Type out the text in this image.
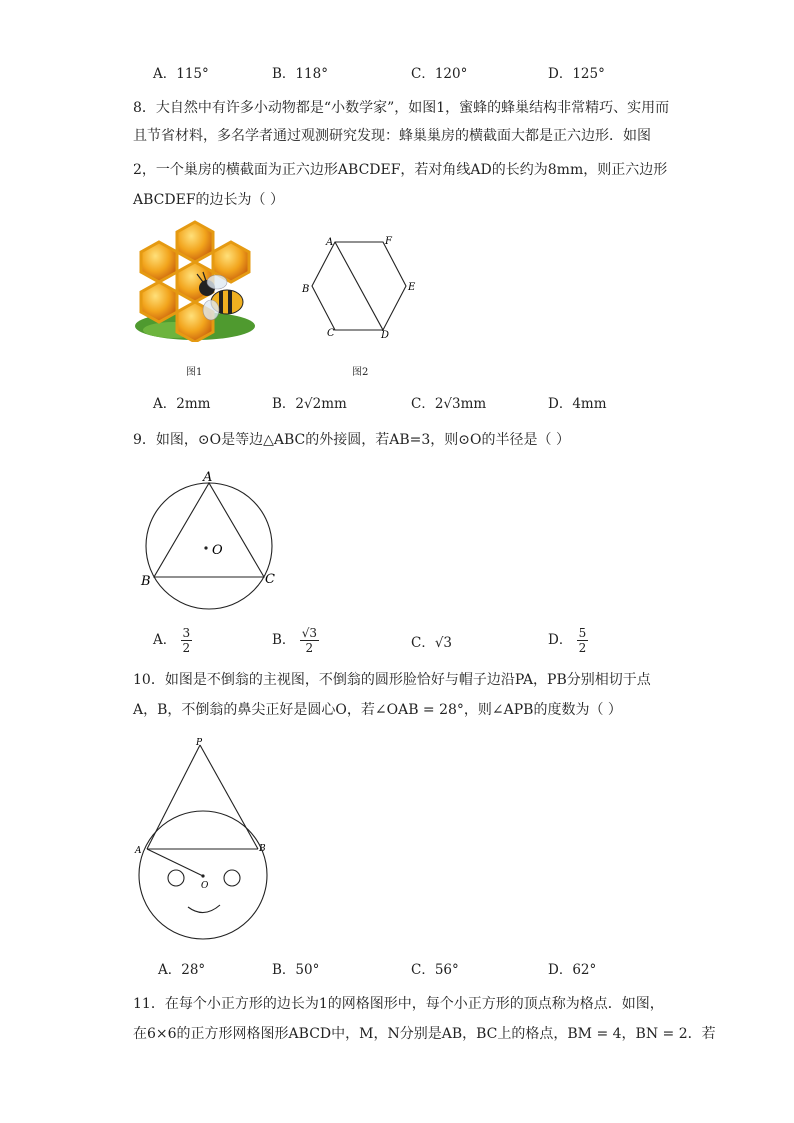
A．115°	B．118°	C．120°	D．125°
8．大自然中有许多小动物都是“小数学家”，如图1，蜜蜂的蜂巢结构非常精巧、实用而
且节省材料，多名学者通过观测研究发现：蜂巢巢房的横截面大都是正六边形．如图
2，一个巢房的横截面为正六边形ABCDEF，若对角线AD的长约为8mm，则正六边形
ABCDEF的边长为（ ）
图1
A	F
B	E
C	D
图2
A．2mm	B．2√2mm	C．2√3mm	D．4mm
9．如图，⊙O是等边△ABC的外接圆，若AB=3，则⊙O的半径是（ ）
A
B	C
O
A． $\frac{3}{2}$	B． $\frac{√3}{2}$	C．√3	D． $\frac{5}{2}$
10．如图是不倒翁的主视图，不倒翁的圆形脸恰好与帽子边沿PA，PB分别相切于点
A，B，不倒翁的鼻尖正好是圆心O，若∠OAB = 28°，则∠APB的度数为（ ）
P
A	B
O
A．28°	B．50°	C．56°	D．62°
11．在每个小正方形的边长为1的网格图形中，每个小正方形的顶点称为格点．如图，
在6×6的正方形网格图形ABCD中，M，N分别是AB，BC上的格点，BM = 4，BN = 2．若
